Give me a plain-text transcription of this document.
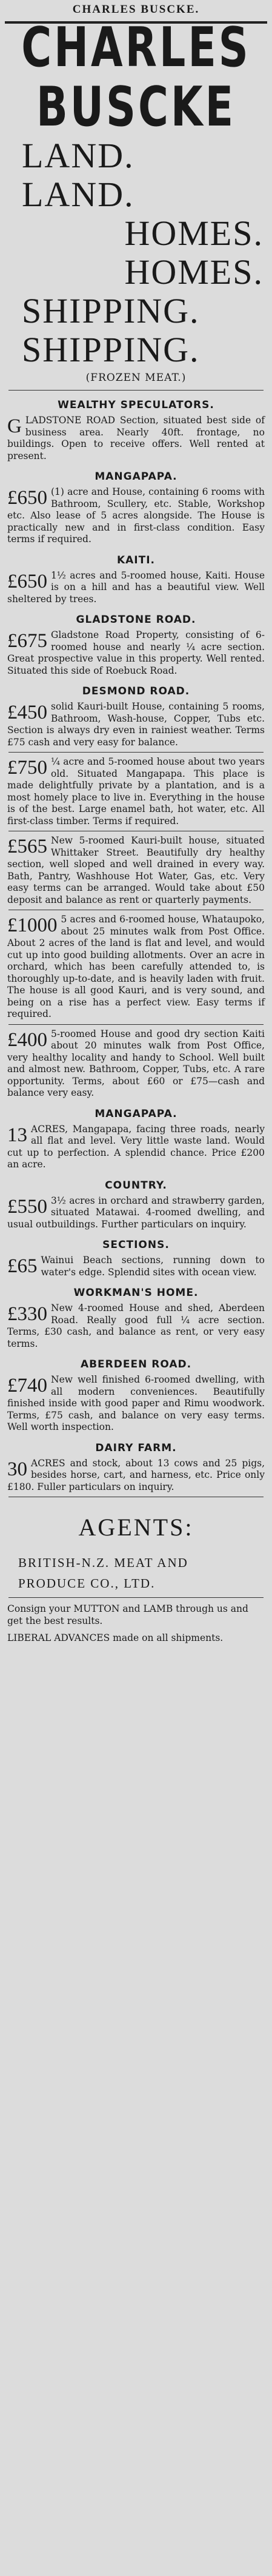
CHARLES BUSCKE.
CHARLES
BUSCKE
LAND.
LAND.
HOMES.
HOMES.
SHIPPING.
SHIPPING.
(FROZEN MEAT.)
WEALTHY SPECULATORS.

GLADSTONE ROAD Section, situated best side of business area. Nearly 40ft. frontage, no buildings. Open to receive offers. Well rented at present.

MANGAPAPA.

£650 (1) acre and House, containing 6 rooms with Bathroom, Scullery, etc. Stable, Workshop etc. Also lease of 5 acres alongside. The House is practically new and in first-class condition. Easy terms if required.

KAITI.

£650 1½ acres and 5-roomed house, Kaiti. House is on a hill and has a beautiful view. Well sheltered by trees.

GLADSTONE ROAD.

£675 Gladstone Road Property, consisting of 6-roomed house and nearly ¼ acre section. Great prospective value in this property. Well rented. Situated this side of Roebuck Road.

DESMOND ROAD.

£450 solid Kauri-built House, containing 5 rooms, Bathroom, Wash-house, Copper, Tubs etc. Section is always dry even in rainiest weather. Terms £75 cash and very easy for balance.

£750 ¼ acre and 5-roomed house about two years old. Situated Mangapapa. This place is made delightfully private by a plantation, and is a most homely place to live in. Everything in the house is of the best. Large enamel bath, hot water, etc. All first-class timber. Terms if required.

£565 New 5-roomed Kauri-built house, situated Whittaker Street. Beautifully dry healthy section, well sloped and well drained in every way. Bath, Pantry, Washhouse Hot Water, Gas, etc. Very easy terms can be arranged. Would take about £50 deposit and balance as rent or quarterly payments.

£1000 5 acres and 6-roomed house, Whataupoko, about 25 minutes walk from Post Office. About 2 acres of the land is flat and level, and would cut up into good building allotments. Over an acre in orchard, which has been carefully attended to, is thoroughly up-to-date, and is heavily laden with fruit. The house is all good Kauri, and is very sound, and being on a rise has a perfect view. Easy terms if required.

£400 5-roomed House and good dry section Kaiti about 20 minutes walk from Post Office, very healthy locality and handy to School. Well built and almost new. Bathroom, Copper, Tubs, etc. A rare opportunity. Terms, about £60 or £75—cash and balance very easy.

MANGAPAPA.

13 ACRES, Mangapapa, facing three roads, nearly all flat and level. Very little waste land. Would cut up to perfection. A splendid chance. Price £200 an acre.

COUNTRY.

£550 3½ acres in orchard and strawberry garden, situated Matawai. 4-roomed dwelling, and usual outbuildings. Further particulars on inquiry.

SECTIONS.

£65 Wainui Beach sections, running down to water's edge. Splendid sites with ocean view.

WORKMAN'S HOME.

£330 New 4-roomed House and shed, Aberdeen Road. Really good full ¼ acre section. Terms, £30 cash, and balance as rent, or very easy terms.

ABERDEEN ROAD.

£740 New well finished 6-roomed dwelling, with all modern conveniences. Beautifully finished inside with good paper and Rimu woodwork. Terms, £75 cash, and balance on very easy terms. Well worth inspection.

DAIRY FARM.

30 ACRES and stock, about 13 cows and 25 pigs, besides horse, cart, and harness, etc. Price only £180. Fuller particulars on inquiry.

AGENTS:
BRITISH-N.Z. MEAT AND
PRODUCE CO., LTD.

Consign your MUTTON and LAMB through us and get the best results.

LIBERAL ADVANCES made on all shipments.
